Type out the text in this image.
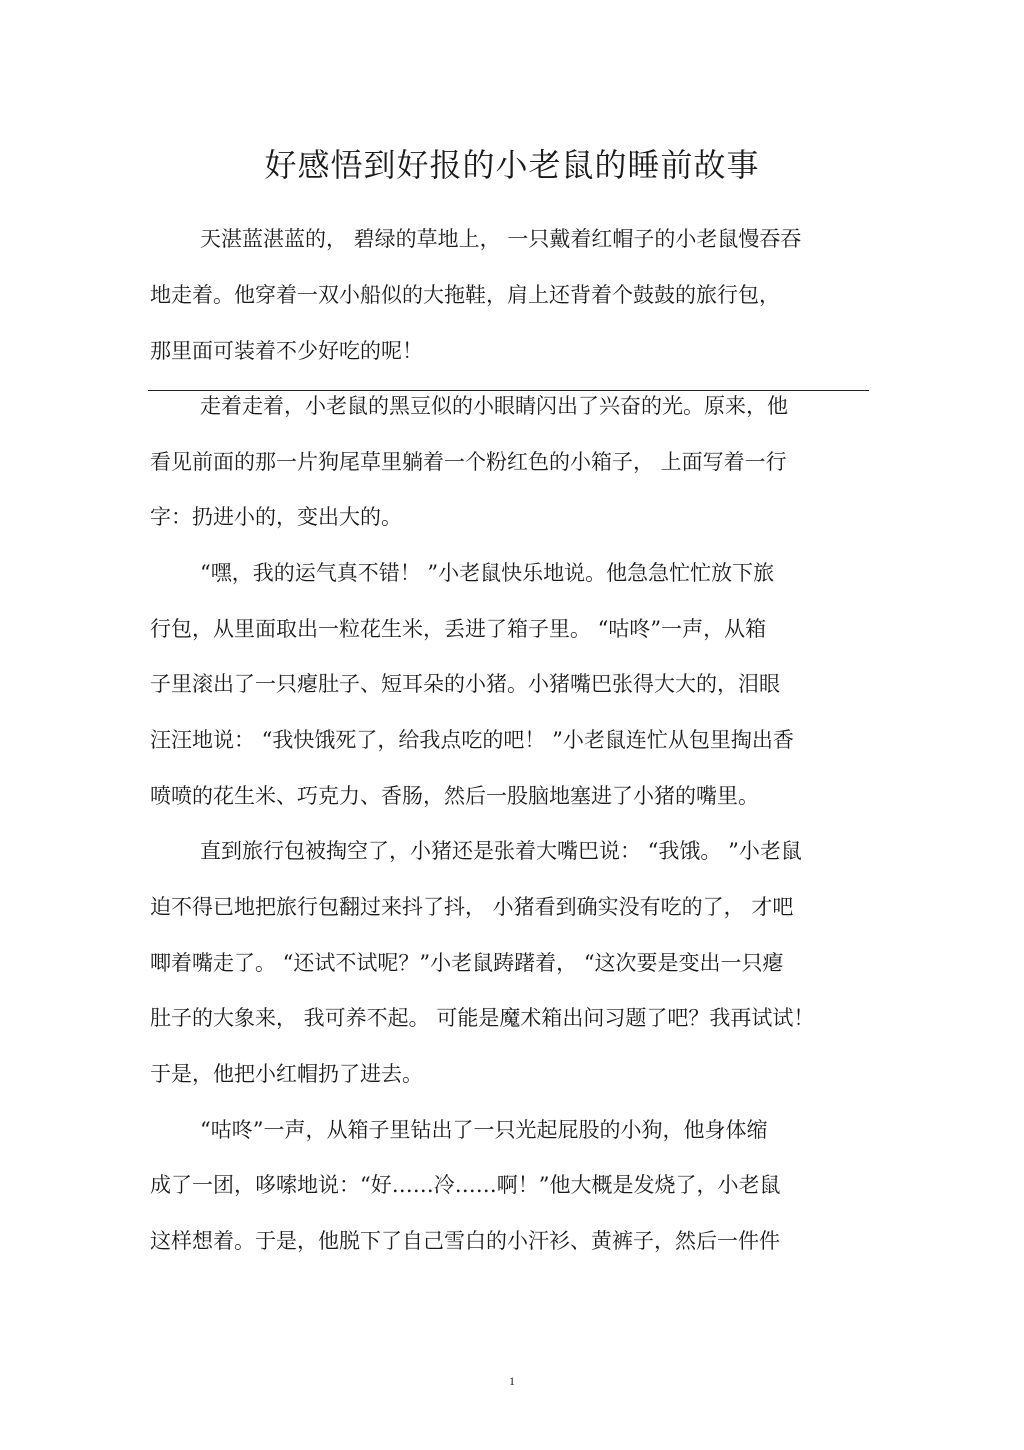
好感悟到好报的小老鼠的睡前故事
天湛蓝湛蓝的， 碧绿的草地上， 一只戴着红帽子的小老鼠慢吞吞
地走着。他穿着一双小船似的大拖鞋，肩上还背着个鼓鼓的旅行包，
那里面可装着不少好吃的呢！
走着走着，小老鼠的黑豆似的小眼睛闪出了兴奋的光。原来，他
看见前面的那一片狗尾草里躺着一个粉红色的小箱子， 上面写着一行
字：扔进小的，变出大的。
“嘿，我的运气真不错！ ”小老鼠快乐地说。他急急忙忙放下旅
行包，从里面取出一粒花生米，丢进了箱子里。 “咕咚”一声，从箱
子里滚出了一只瘪肚子、短耳朵的小猪。小猪嘴巴张得大大的，泪眼
汪汪地说： “我快饿死了，给我点吃的吧！ ”小老鼠连忙从包里掏出香
喷喷的花生米、巧克力、香肠，然后一股脑地塞进了小猪的嘴里。
直到旅行包被掏空了，小猪还是张着大嘴巴说： “我饿。 ”小老鼠
迫不得已地把旅行包翻过来抖了抖， 小猪看到确实没有吃的了， 才吧
唧着嘴走了。 “还试不试呢？”小老鼠踌躇着， “这次要是变出一只瘪
肚子的大象来， 我可养不起。 可能是魔术箱出问习题了吧？我再试试！
于是，他把小红帽扔了进去。
“咕咚”一声，从箱子里钻出了一只光起屁股的小狗，他身体缩
成了一团，哆嗦地说：“好……冷……啊！”他大概是发烧了，小老鼠
这样想着。于是，他脱下了自己雪白的小汗衫、黄裤子，然后一件件
1
